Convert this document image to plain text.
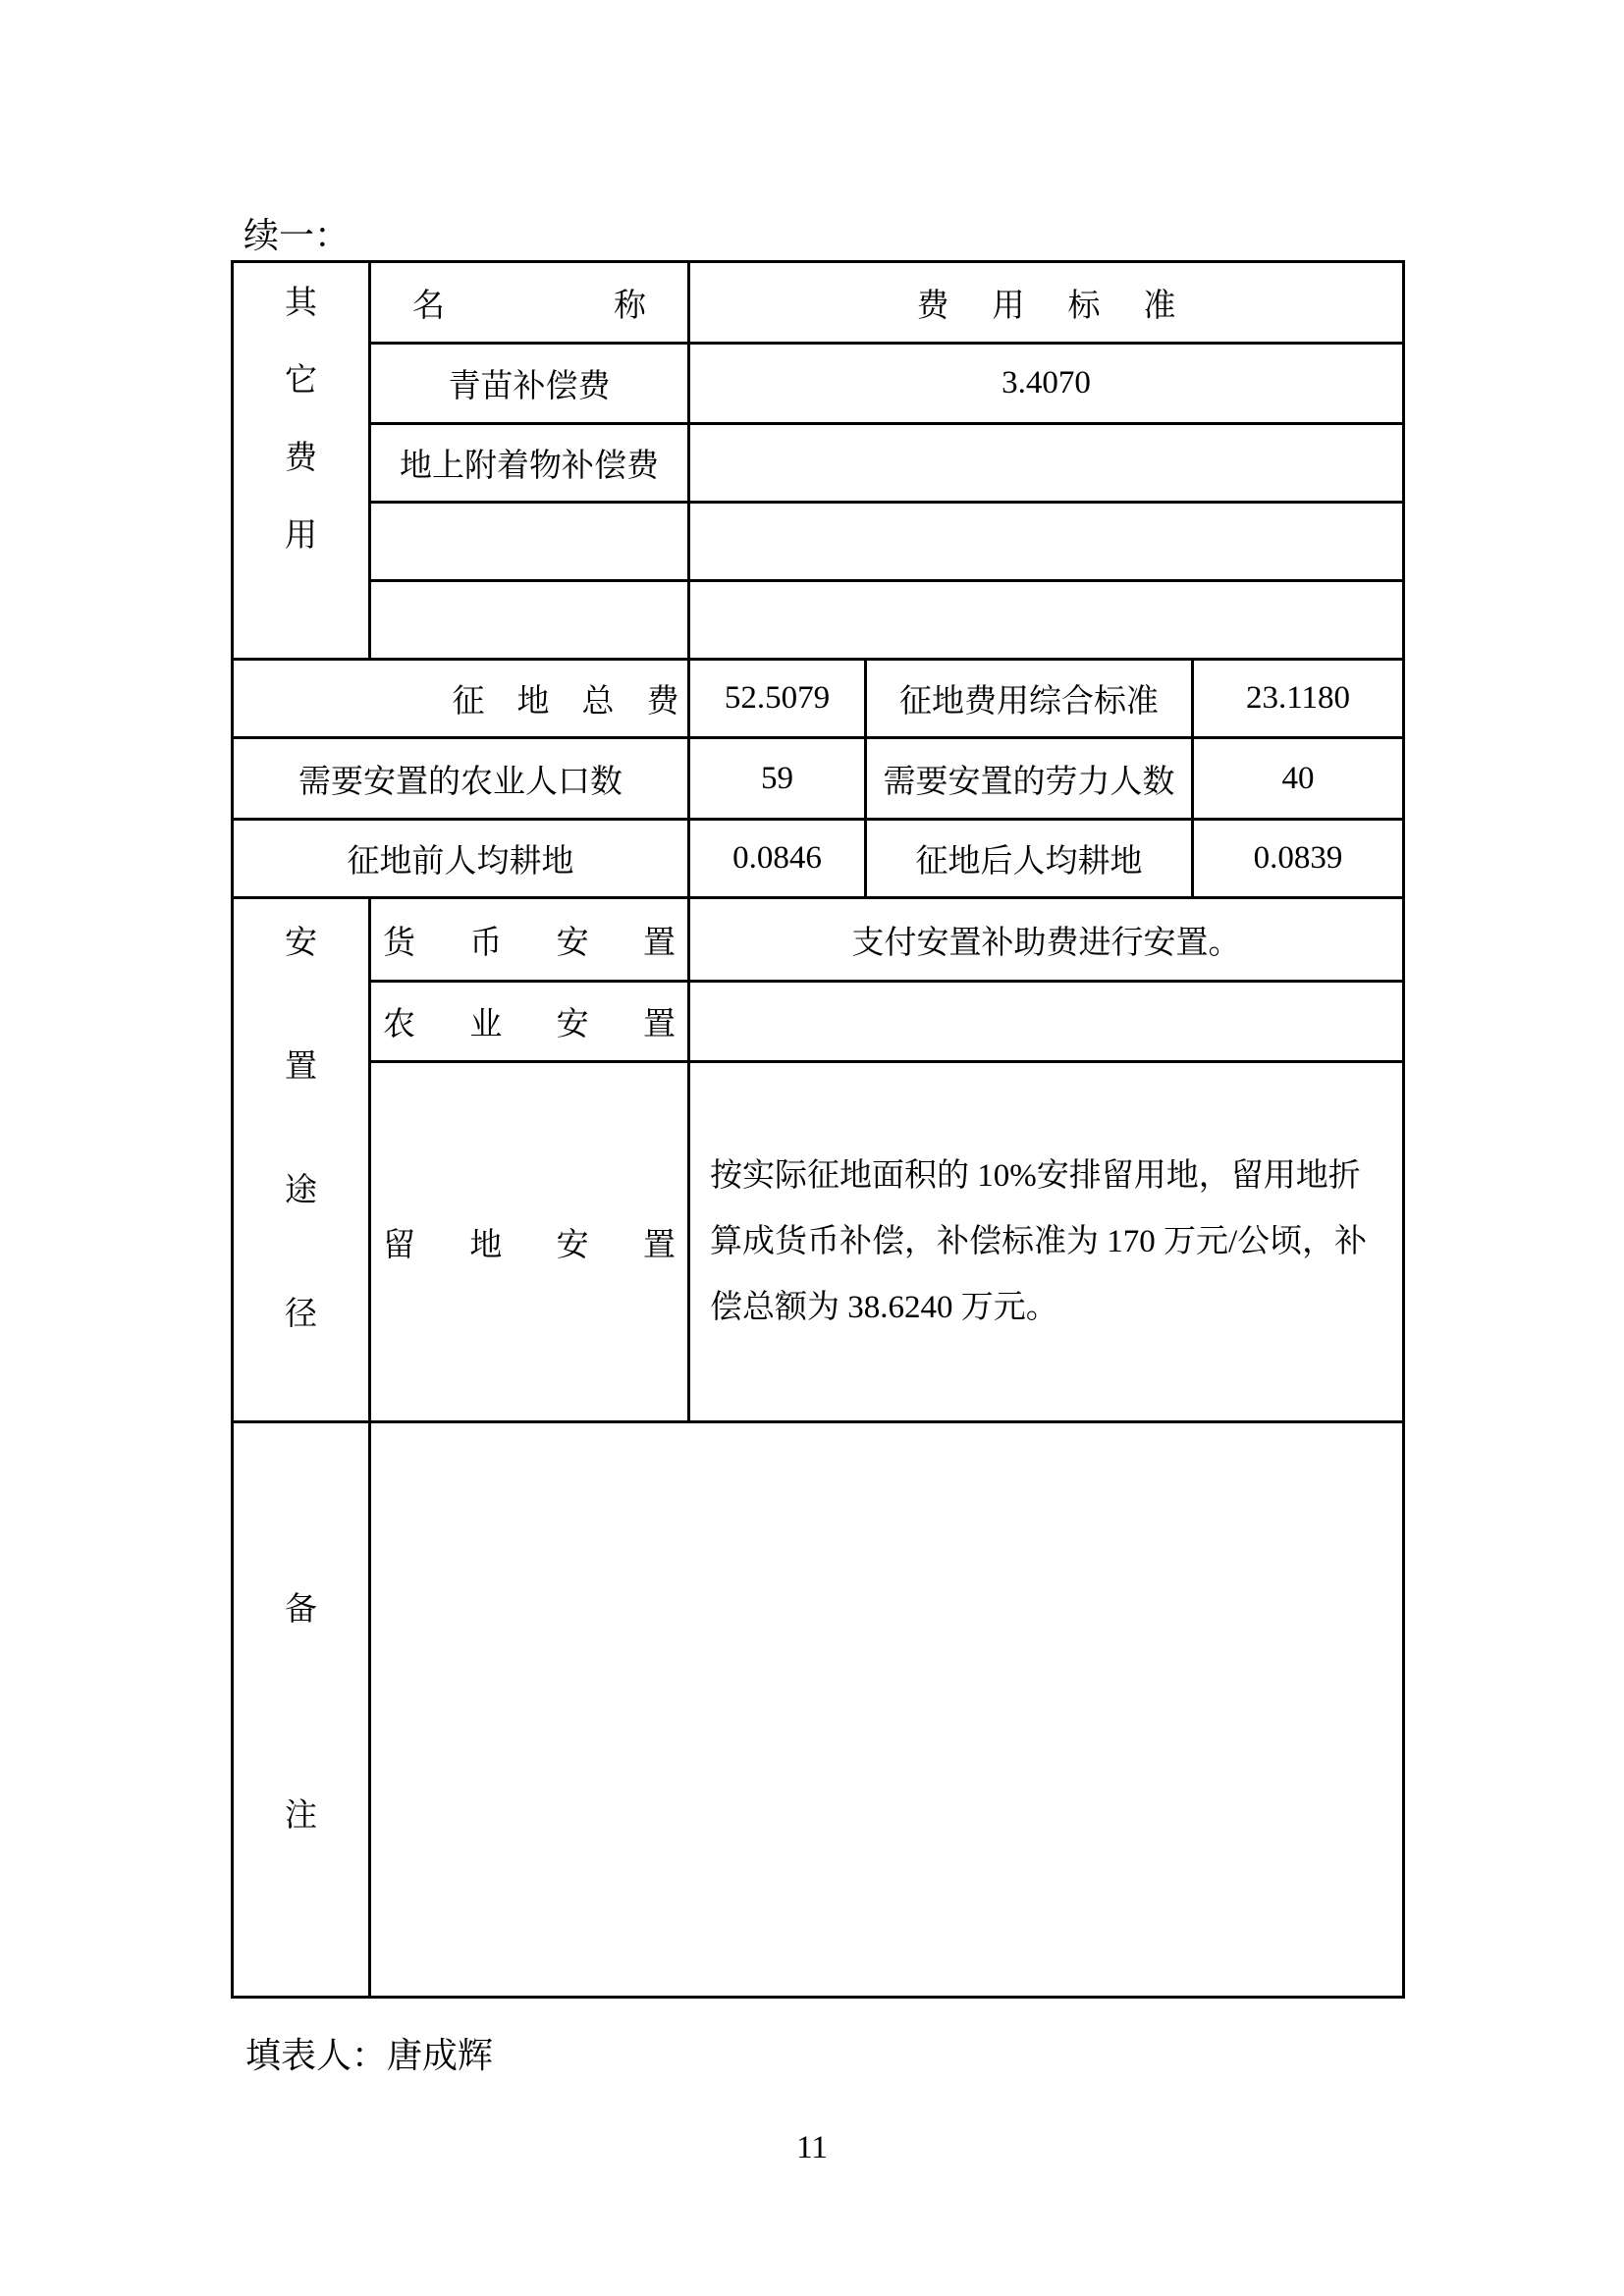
续一：
其
它
费
用	名 称	费 用 标 准		

	青苗补偿费	3.4070		
	地上附着物补偿费			

征 地 总 费		52.5079	征地费用综合标准	23.1180
需要安置的农业人口数		59	需要安置的劳力人数	40
征地前人均耕地		0.0846	征地后人均耕地	0.0839

安
置
途
径	货 币 安 置	支付安置补助费进行安置。		

	农 业 安 置			

	留 地 安 置	按实际征地面积的 10%安排留用地，留用地折算成货币补偿，补偿标准为 170 万元/公顷，补偿总额为 38.6240 万元。		

备
注				

填表人：唐成辉
11
